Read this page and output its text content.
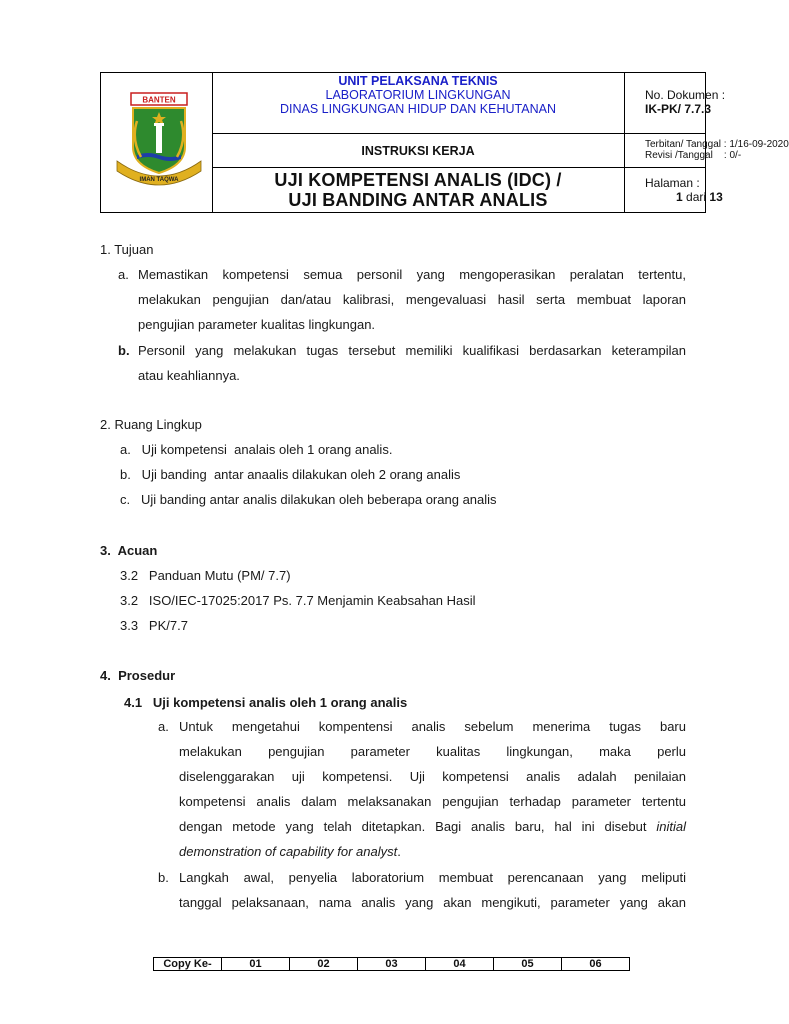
BANTEN
IMAN TAQWA
UNIT PELAKSANA TEKNIS
LABORATORIUM LINGKUNGAN
DINAS LINGKUNGAN HIDUP DAN KEHUTANAN
INSTRUKSI KERJA
UJI KOMPETENSI ANALIS (IDC) /
UJI BANDING ANTAR ANALIS
No. Dokumen :
IK-PK/ 7.7.3
Terbitan/ Tanggal : 1/16-09-2020
Revisi /Tanggal    : 0/-
Halaman :
1 dari 13
1. Tujuan
a. Memastikan kompetensi semua personil yang mengoperasikan peralatan tertentu,
melakukan pengujian dan/atau kalibrasi, mengevaluasi hasil serta membuat laporan
pengujian parameter kualitas lingkungan.
b. Personil yang melakukan tugas tersebut memiliki kualifikasi berdasarkan keterampilan
atau keahliannya.
2. Ruang Lingkup
a.   Uji kompetensi  analais oleh 1 orang analis.
b.   Uji banding  antar anaalis dilakukan oleh 2 orang analis
c.   Uji banding antar analis dilakukan oleh beberapa orang analis
3.  Acuan
3.2   Panduan Mutu (PM/ 7.7)
3.2   ISO/IEC-17025:2017 Ps. 7.7 Menjamin Keabsahan Hasil
3.3   PK/7.7
4.  Prosedur
4.1   Uji kompetensi analis oleh 1 orang analis
a. Untuk mengetahui kompentensi analis sebelum menerima tugas baru
melakukan pengujian parameter kualitas lingkungan, maka perlu
diselenggarakan uji kompetensi. Uji kompetensi analis adalah penilaian
kompetensi analis dalam melaksanakan pengujian terhadap parameter tertentu
dengan metode yang telah ditetapkan. Bagi analis baru, hal ini disebut initial
demonstration of capability for analyst.
b. Langkah awal, penyelia laboratorium membuat perencanaan yang meliputi
tanggal pelaksanaan, nama analis yang akan mengikuti, parameter yang akan
Copy Ke-	01	02	03	04	05	06
